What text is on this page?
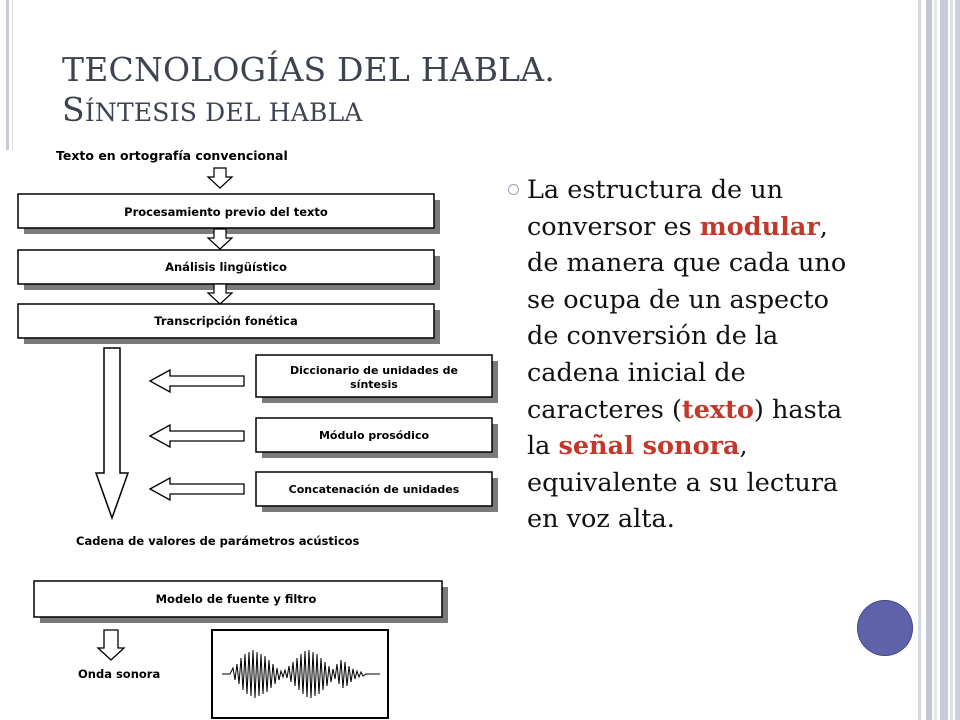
TECNOLOGÍAS DEL HABLA.
SÍNTESIS DEL HABLA
Texto en ortografía convencional
Procesamiento previo del texto
Análisis lingüístico
Transcripción fonética
Diccionario de unidades de
síntesis
Módulo prosódico
Concatenación de unidades
Cadena de valores de parámetros acústicos
Modelo de fuente y filtro
Onda sonora
La estructura de un conversor es modular, de manera que cada uno se ocupa de un aspecto de conversión de la cadena inicial de caracteres (texto) hasta la señal sonora, equivalente a su lectura en voz alta.
